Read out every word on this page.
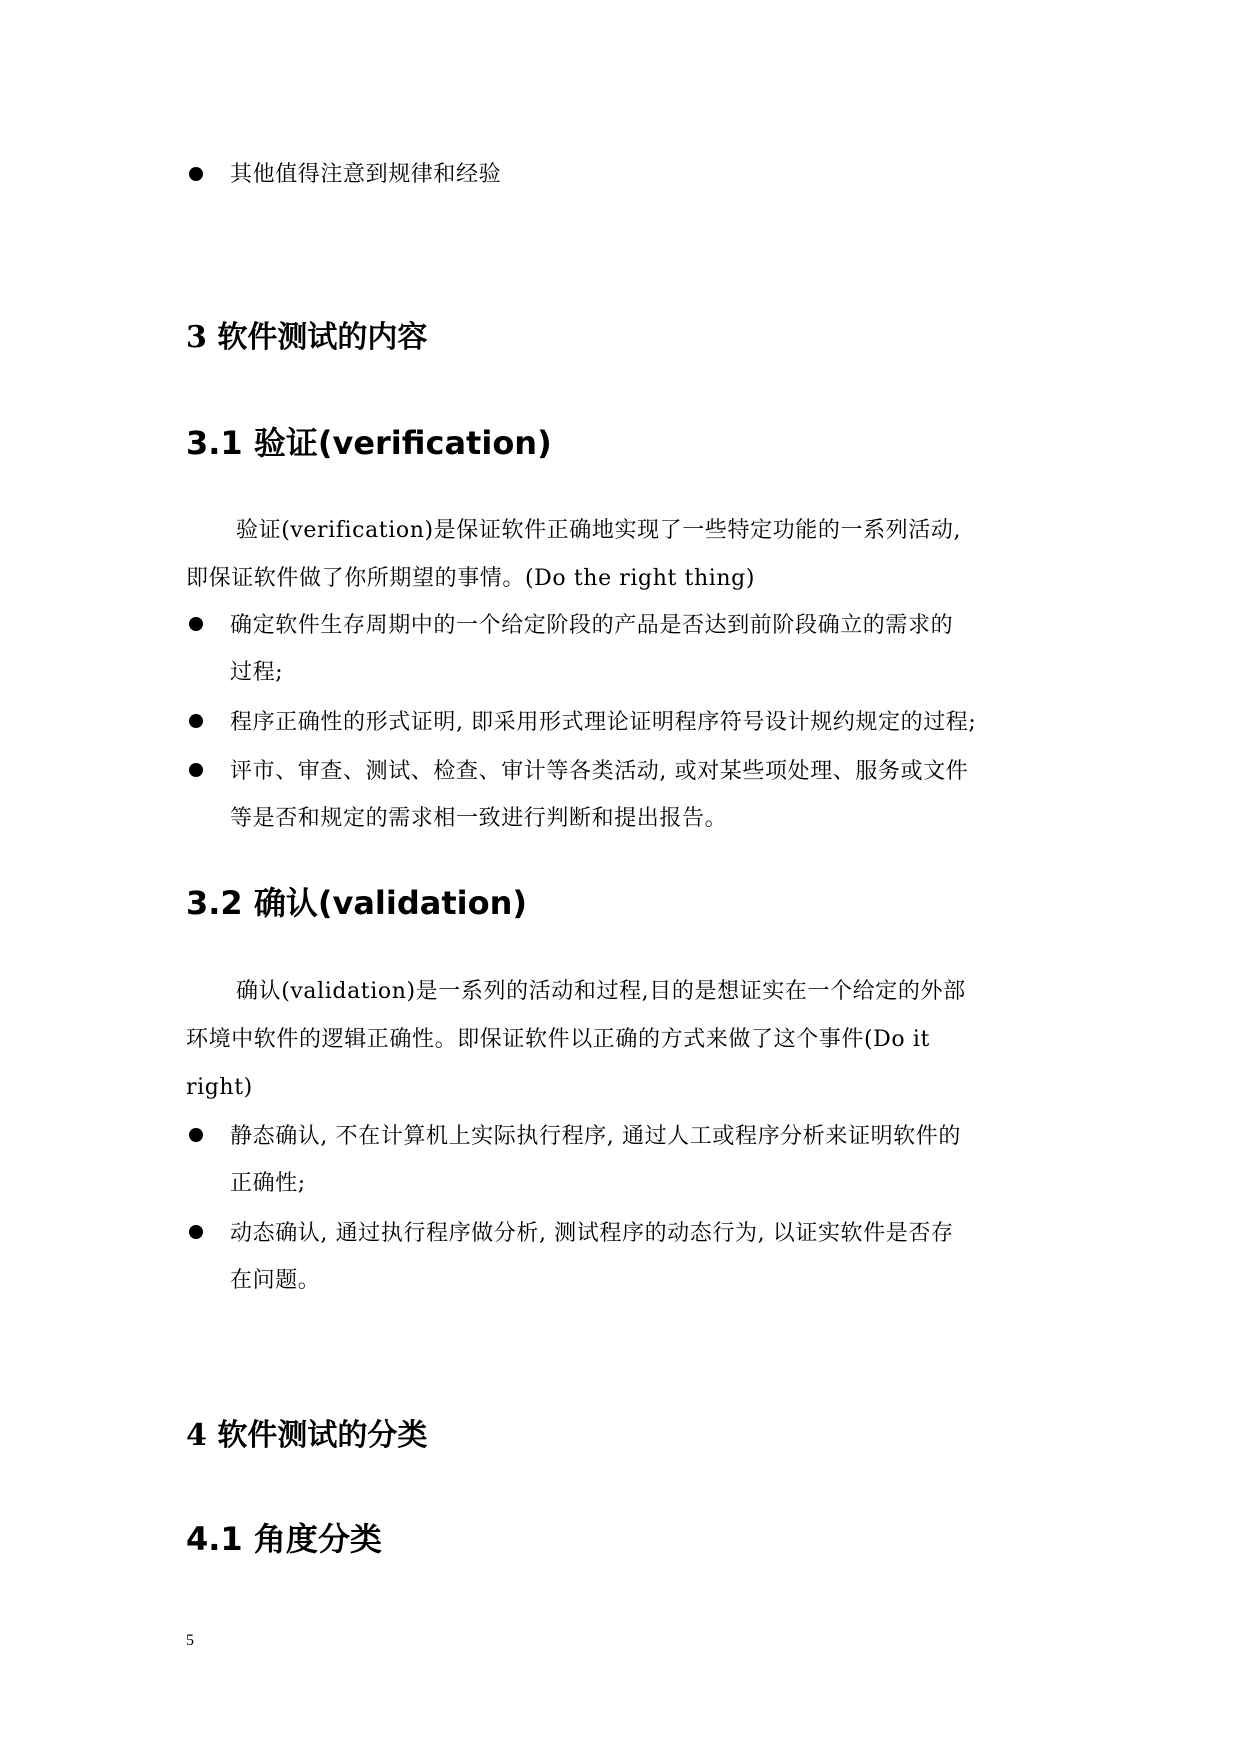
其他值得注意到规律和经验

3 软件测试的内容
3.1 验证(verification)

验证(verification)是保证软件正确地实现了一些特定功能的一系列活动,

即保证软件做了你所期望的事情。(Do the right thing)

确定软件生存周期中的一个给定阶段的产品是否达到前阶段确立的需求的

过程;

程序正确性的形式证明, 即采用形式理论证明程序符号设计规约规定的过程;

评市、审查、测试、检查、审计等各类活动, 或对某些项处理、服务或文件

等是否和规定的需求相一致进行判断和提出报告。

3.2 确认(validation)

确认(validation)是一系列的活动和过程,目的是想证实在一个给定的外部

环境中软件的逻辑正确性。即保证软件以正确的方式来做了这个事件(Do it

right)

静态确认, 不在计算机上实际执行程序, 通过人工或程序分析来证明软件的

正确性;

动态确认, 通过执行程序做分析, 测试程序的动态行为, 以证实软件是否存

在问题。

4 软件测试的分类
4.1 角度分类
5
